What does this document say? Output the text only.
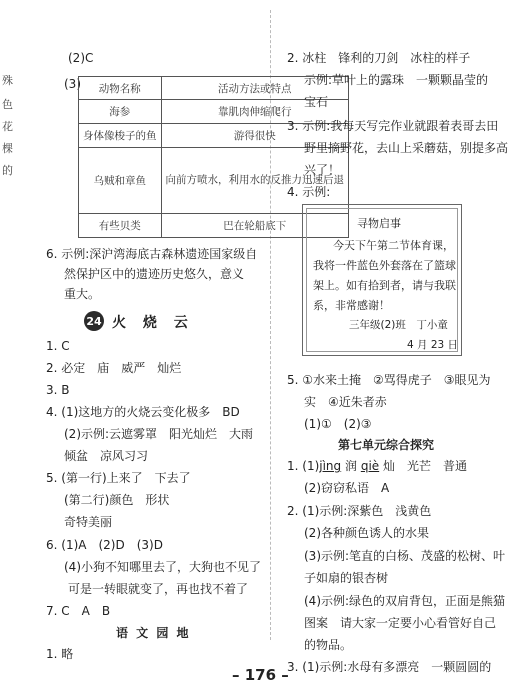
殊
色
花
棵
的
(2)C
(3) 动物名称	活动方法或特点
海参	靠肌肉伸缩爬行
身体像梭子的鱼	游得很快
乌贼和章鱼	向前方喷水，利用水的反推力迅速后退
有些贝类	巴在轮船底下
6. 示例:深沪湾海底古森林遗迹国家级自
然保护区中的遗迹历史悠久，意义
重大。
24 火 烧 云
1. C
2. 必定　庙　威严　灿烂
3. B
4. (1)这地方的火烧云变化极多　BD
(2)示例:云遮雾罩　阳光灿烂　大雨
倾盆　凉风习习
5. (第一行)上来了　下去了
(第二行)颜色　形状
奇特美丽
6. (1)A　(2)D　(3)D
(4)小狗不知哪里去了，大狗也不见了
可是一转眼就变了，再也找不着了
7. C　A　B
语 文 园 地
1. 略
2. 冰柱　锋利的刀剑　冰柱的样子
示例:草叶上的露珠　一颗颗晶莹的
宝石
3. 示例:我每天写完作业就跟着表哥去田
野里摘野花，去山上采蘑菇，别提多高
兴了！
4. 示例:
寻物启事
今天下午第二节体育课，
我将一件蓝色外套落在了篮球
架上。如有拾到者，请与我联
系，非常感谢！
三年级(2)班　丁小童
4 月 23 日
5. ①水来土掩　②骂得虎子　③眼见为
实　④近朱者赤
(1)①　(2)③
第七单元综合探究
1. (1)jìng 润 qiè 灿　光芒　普通
(2)窃窃私语　A
2. (1)示例:深紫色　浅黄色
(2)各种颜色诱人的水果
(3)示例:笔直的白杨、茂盛的松树、叶
子如扇的银杏树
(4)示例:绿色的双肩背包，正面是熊猫
图案　请大家一定要小心看管好自己
的物品。
3. (1)示例:水母有多漂亮　一颗圆圆的
– 176 –
